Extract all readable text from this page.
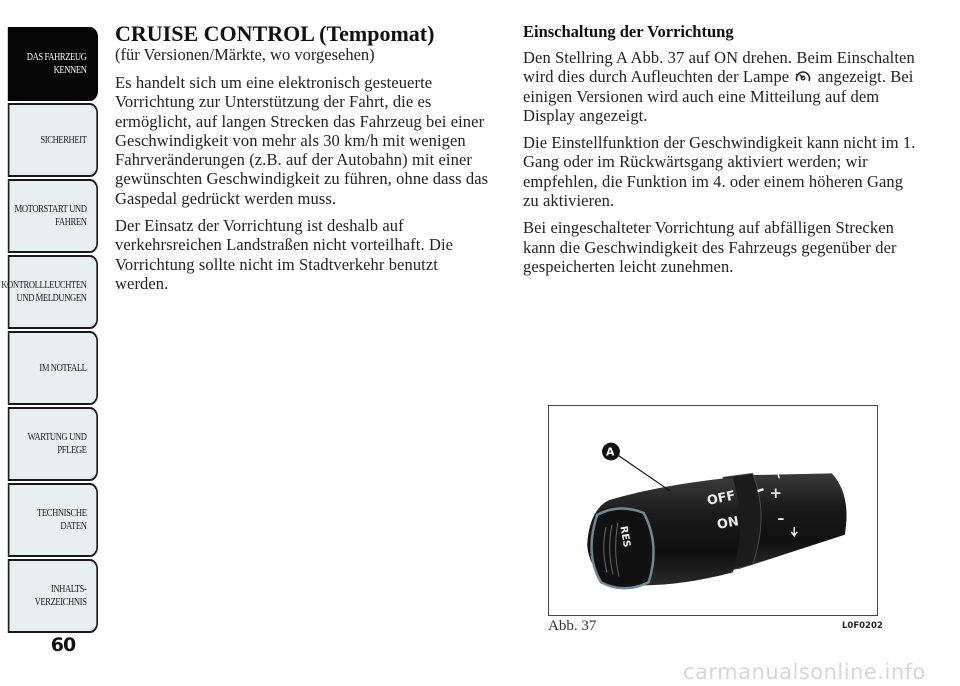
DAS FAHRZEUG
KENNEN
SICHERHEIT
MOTORSTART UND
FAHREN
KONTROLLLEUCHTEN
UND MELDUNGEN
IM NOTFALL
WARTUNG UND
PFLEGE
TECHNISCHE
DATEN
INHALTS-
VERZEICHNIS
60
CRUISE CONTROL (Tempomat)

(für Versionen/Märkte, wo vorgesehen)

Es handelt sich um eine elektronisch gesteuerte Vorrichtung zur Unterstützung der Fahrt, die es ermöglicht, auf langen Strecken das Fahrzeug bei einer Geschwindigkeit von mehr als 30 km/h mit wenigen Fahrveränderungen (z.B. auf der Autobahn) mit einer gewünschten Geschwindigkeit zu führen, ohne dass das Gaspedal gedrückt werden muss.

Der Einsatz der Vorrichtung ist deshalb auf verkehrsreichen Landstraßen nicht vorteilhaft. Die Vorrichtung sollte nicht im Stadtverkehr benutzt werden.

Einschaltung der Vorrichtung

Den Stellring A Abb. 37 auf ON drehen. Beim Einschalten wird dies durch Aufleuchten der Lampe angezeigt. Bei einigen Versionen wird auch eine Mitteilung auf dem Display angezeigt.

Die Einstellfunktion der Geschwindigkeit kann nicht im 1. Gang oder im Rückwärtsgang aktiviert werden; wir empfehlen, die Funktion im 4. oder einem höheren Gang zu aktivieren.

Bei eingeschalteter Vorrichtung auf abfälligen Strecken kann die Geschwindigkeit des Fahrzeugs gegenüber der gespeicherten leicht zunehmen.

RES
OFF
ON
+
–
A
Abb. 37	L0F0202
carmanualsonline.info
